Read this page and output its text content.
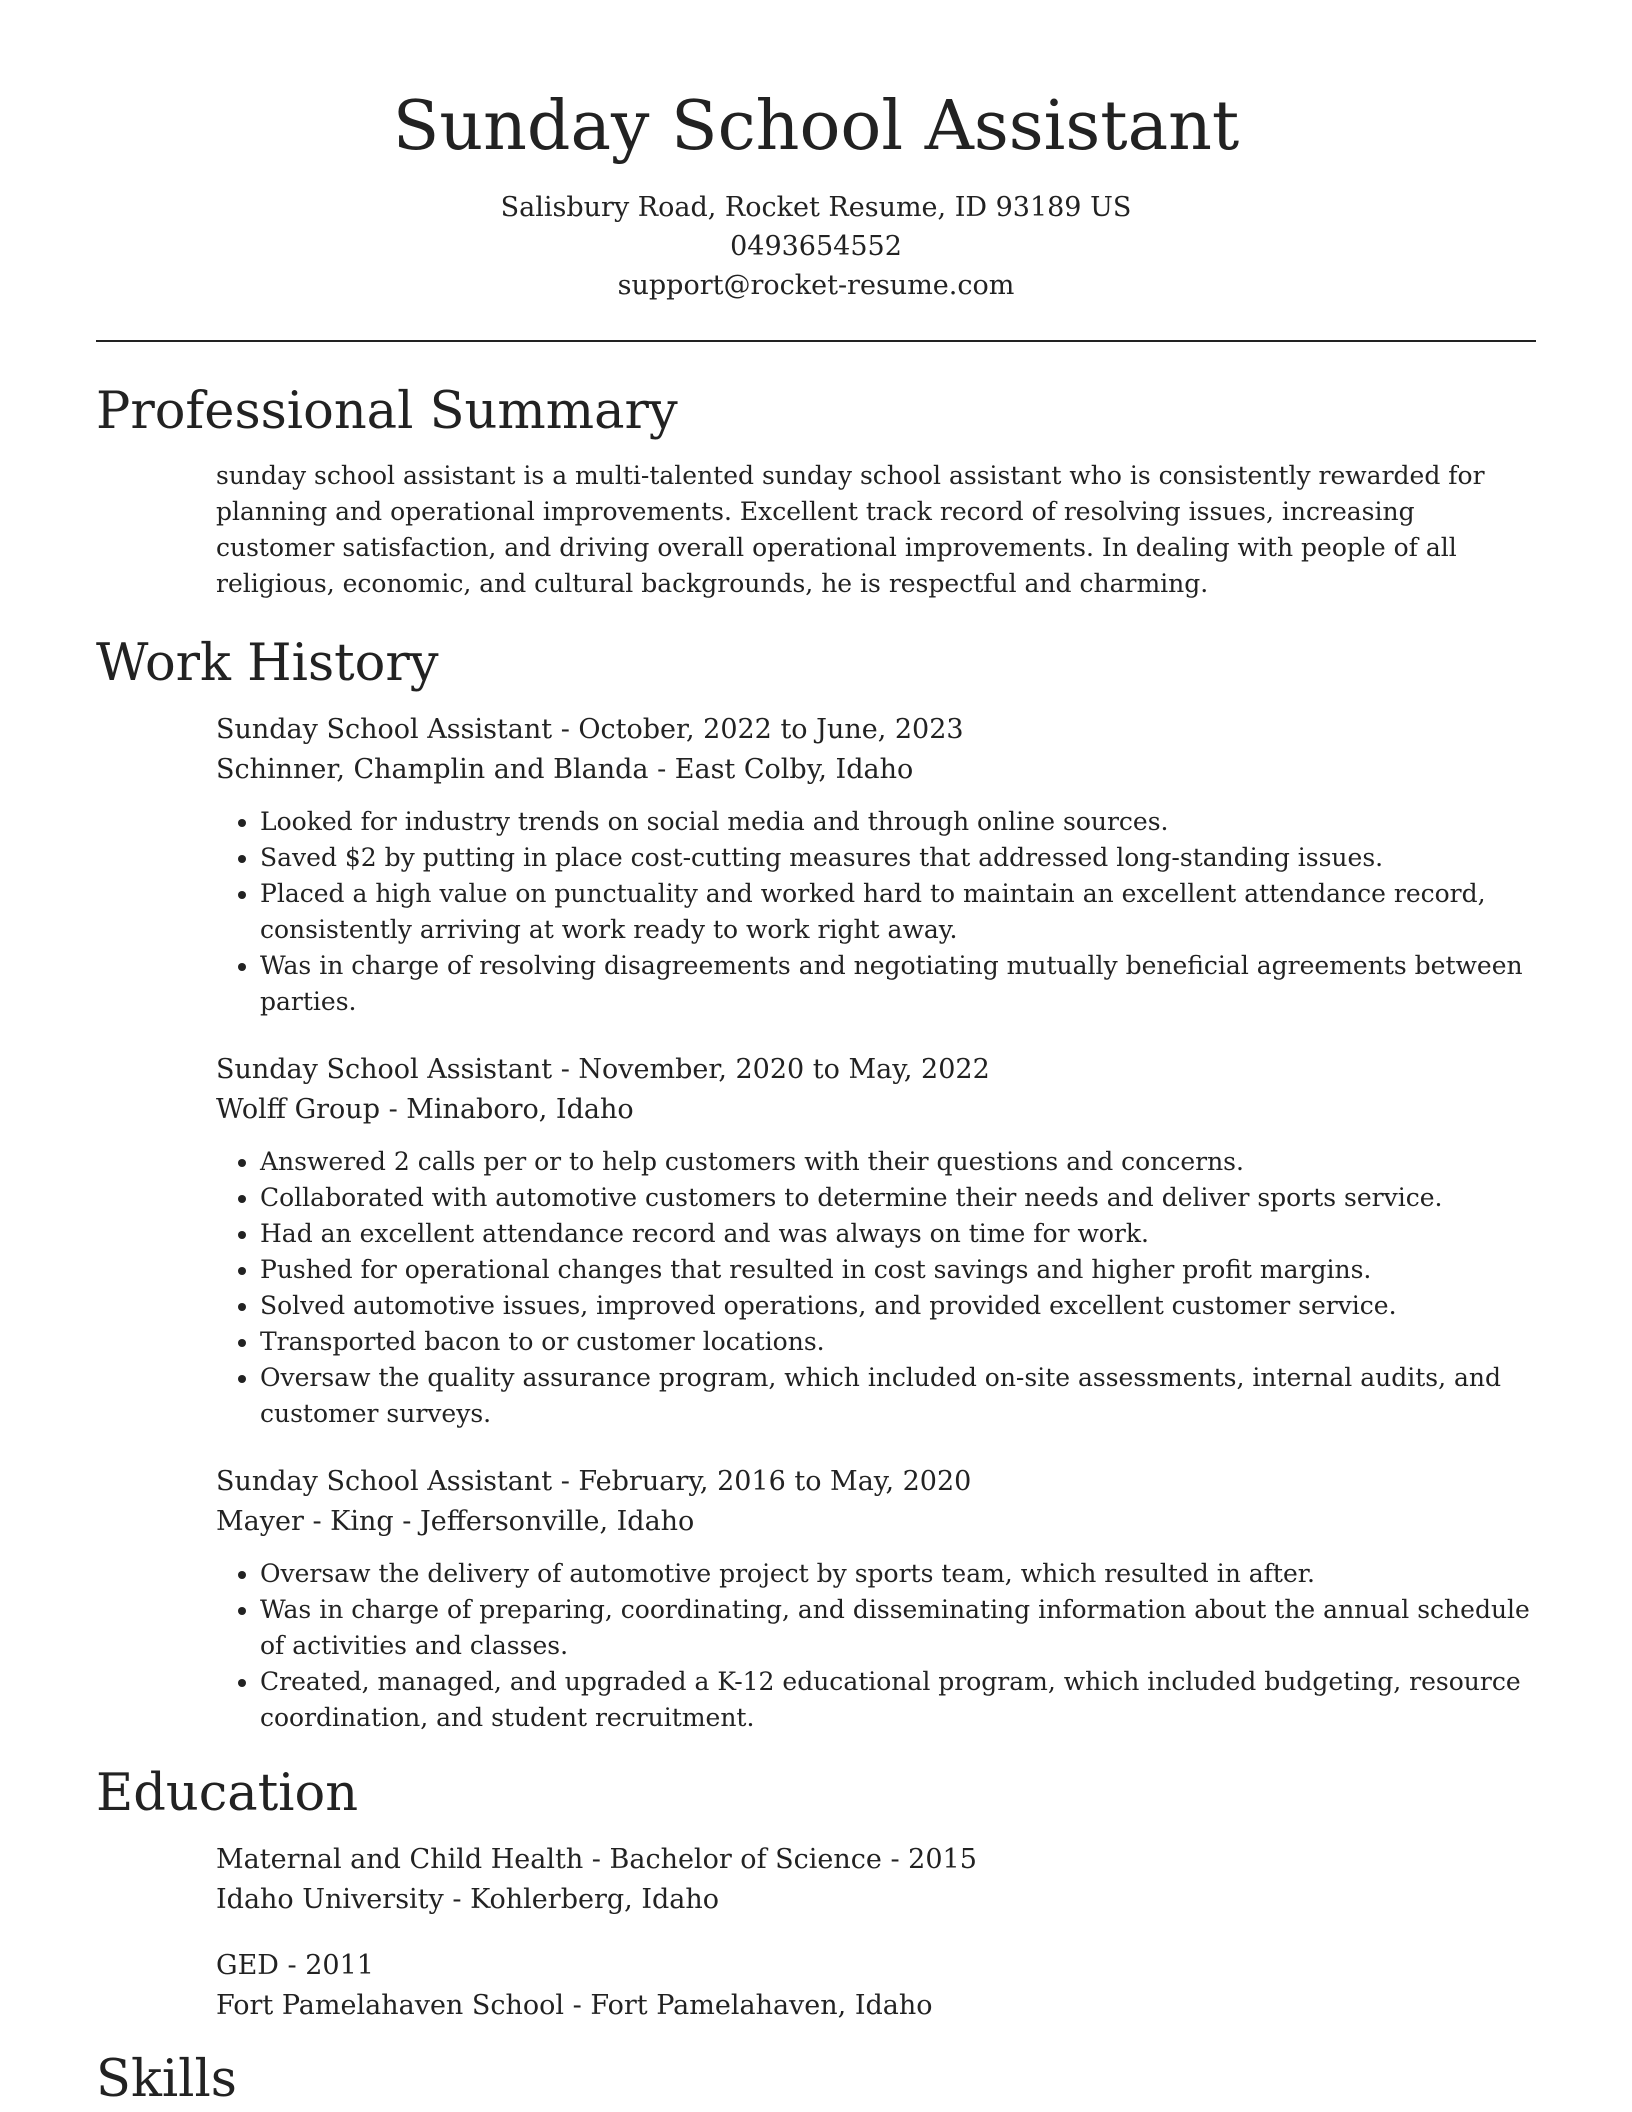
Sunday School Assistant
Salisbury Road, Rocket Resume, ID 93189 US
0493654552
support@rocket-resume.com
Professional Summary
sunday school assistant is a multi-talented sunday school assistant who is consistently rewarded for planning and operational improvements. Excellent track record of resolving issues, increasing customer satisfaction, and driving overall operational improvements. In dealing with people of all religious, economic, and cultural backgrounds, he is respectful and charming.
Work History
Sunday School Assistant - October, 2022 to June, 2023
Schinner, Champlin and Blanda - East Colby, Idaho
• Looked for industry trends on social media and through online sources.
• Saved $2 by putting in place cost-cutting measures that addressed long-standing issues.
• Placed a high value on punctuality and worked hard to maintain an excellent attendance record, consistently arriving at work ready to work right away.
• Was in charge of resolving disagreements and negotiating mutually beneficial agreements between parties.
Sunday School Assistant - November, 2020 to May, 2022
Wolff Group - Minaboro, Idaho
• Answered 2 calls per or to help customers with their questions and concerns.
• Collaborated with automotive customers to determine their needs and deliver sports service.
• Had an excellent attendance record and was always on time for work.
• Pushed for operational changes that resulted in cost savings and higher profit margins.
• Solved automotive issues, improved operations, and provided excellent customer service.
• Transported bacon to or customer locations.
• Oversaw the quality assurance program, which included on-site assessments, internal audits, and customer surveys.
Sunday School Assistant - February, 2016 to May, 2020
Mayer - King - Jeffersonville, Idaho
• Oversaw the delivery of automotive project by sports team, which resulted in after.
• Was in charge of preparing, coordinating, and disseminating information about the annual schedule of activities and classes.
• Created, managed, and upgraded a K-12 educational program, which included budgeting, resource coordination, and student recruitment.
Education
Maternal and Child Health - Bachelor of Science - 2015
Idaho University - Kohlerberg, Idaho
GED - 2011
Fort Pamelahaven School - Fort Pamelahaven, Idaho
Skills
